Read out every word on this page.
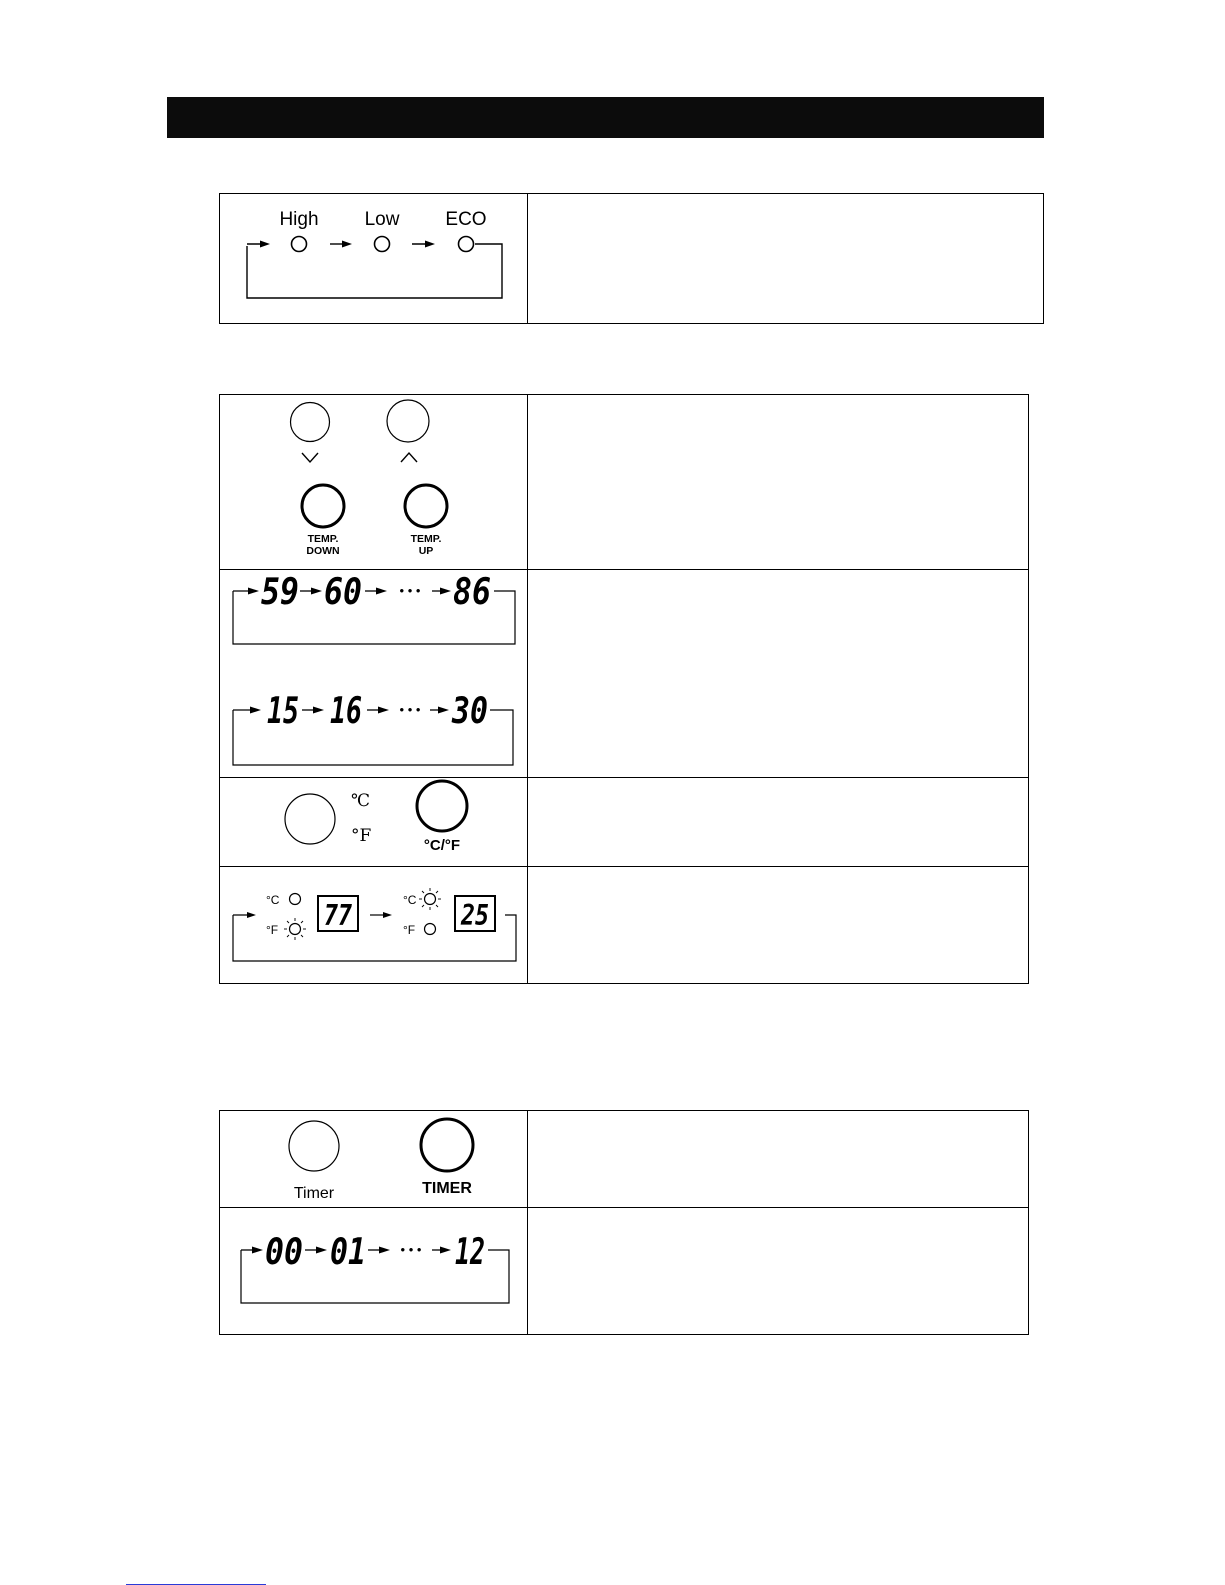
High Low ECO
TEMP.
DOWN
TEMP.
UP
59 60	• • • 86
15 16	• • • 30
℃
°F	°C/°F
°C
°F 77	°C
°F 25
Timer	TIMER
00 01	• • • 12
